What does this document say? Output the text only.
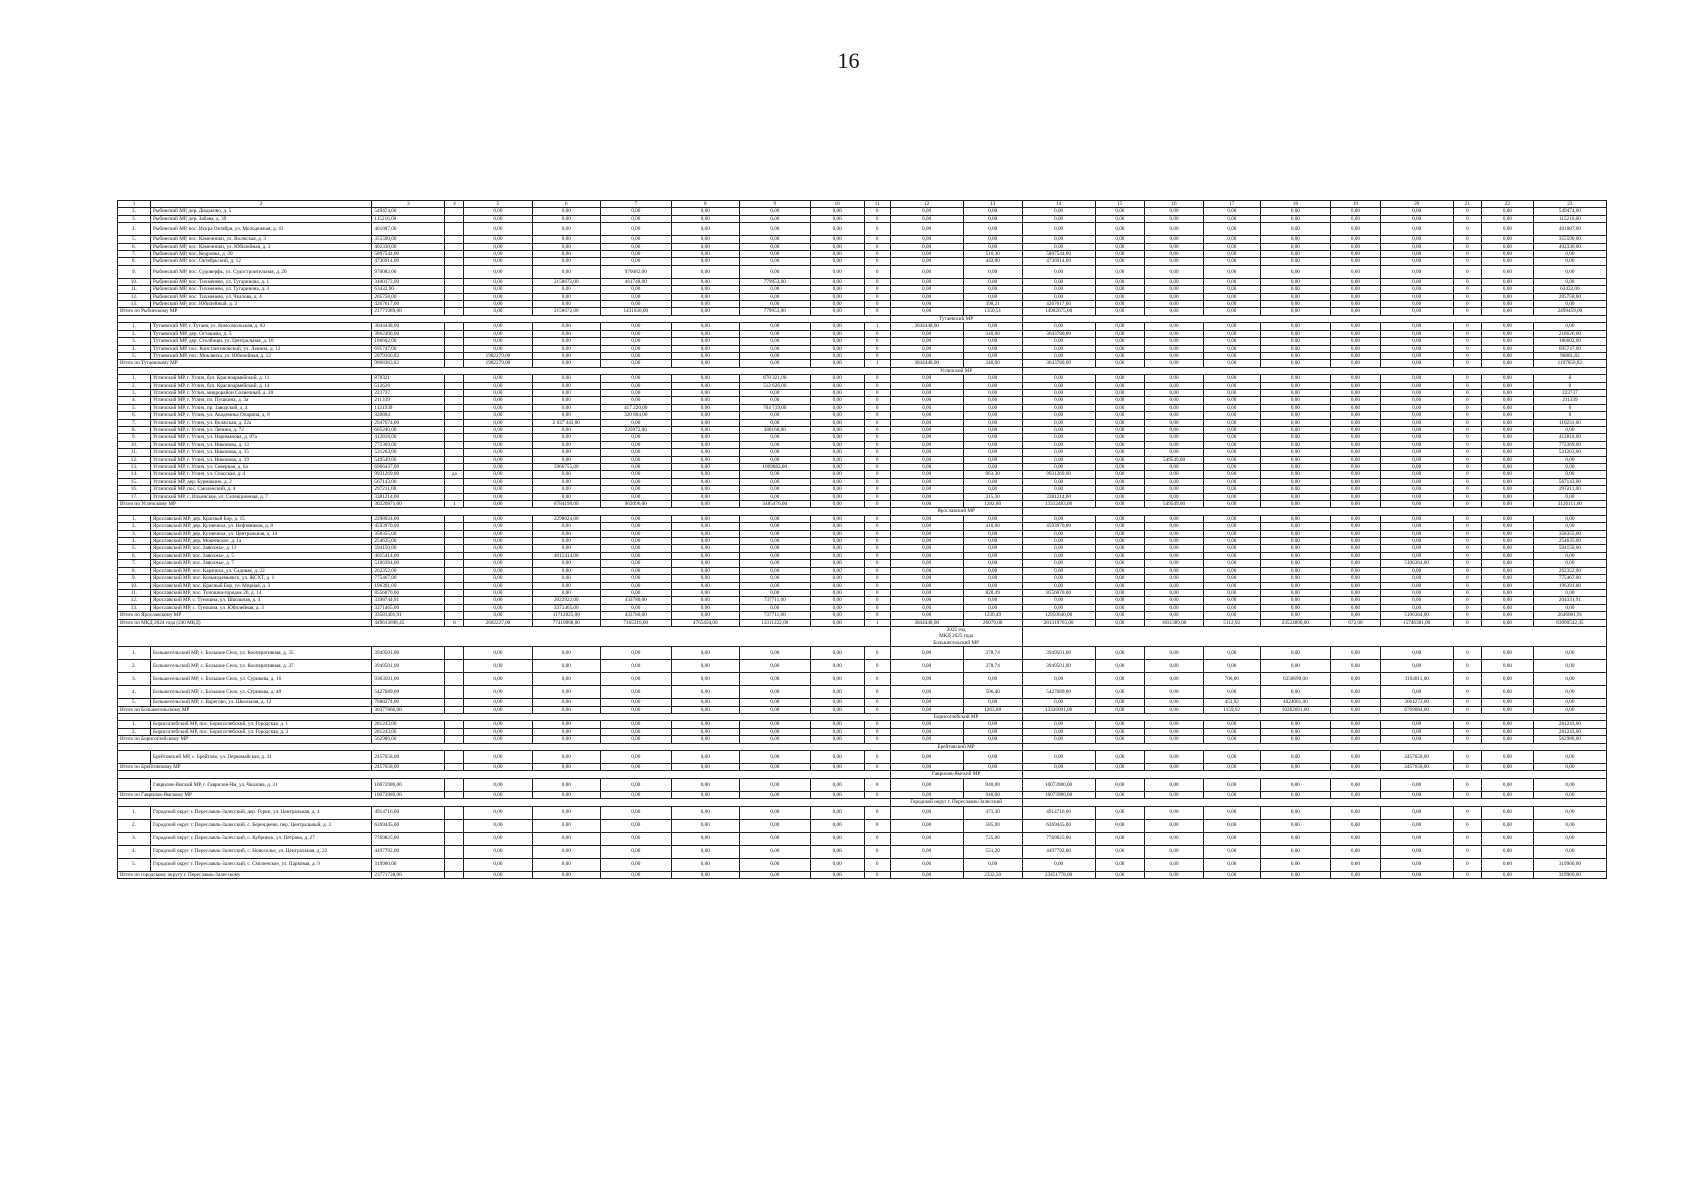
16
1	2	3	4	5	6	7	8	9	10	11	12	13	14	15	16	17	18	19	20	21	22	23
2.	Рыбинский МР, дер. Дюдьково, д. 5	549474,00		0,00	0,00	0,00	0,00	0,00	0,00	0	0,00	0,00	0,00	0,00	0,00	0,00	0,00	0,00	0,00	0	0,00	549474,00
3.	Рыбинский МР, дер. Забава, д. 39	115216,00		0,00	0,00	0,00	0,00	0,00	0,00	0	0,00	0,00	0,00	0,00	0,00	0,00	0,00	0,00	0,00	0	0,00	115216,00
4.	Рыбинский МР, пос. Искра Октября, ул. Молодежная, д. 41	401887,00		0,00	0,00	0,00	0,00	0,00	0,00	0	0,00	0,00	0,00	0,00	0,00	0,00	0,00	0,00	0,00	0	0,00	401887,00
5.	Рыбинский МР, пос. Каменники, ул. Волжская, д. 3	355590,00		0,00	0,00	0,00	0,00	0,00	0,00	0	0,00	0,00	0,00	0,00	0,00	0,00	0,00	0,00	0,00	0	0,00	355590,00
6.	Рыбинский МР, пос. Каменники, ул. Юбилейная, д. 3	402330,00		0,00	0,00	0,00	0,00	0,00	0,00	0	0,00	0,00	0,00	0,00	0,00	0,00	0,00	0,00	0,00	0	0,00	402330,00
7.	Рыбинский МР, пос. Кедровка, д. 20	5897544,00		0,00	0,00	0,00	0,00	0,00	0,00	0	0,00	510,30	5897544,00	0,00	0,00	0,00	0,00	0,00	0,00	0	0,00	0,00
8.	Рыбинский МР, пос. Октябрьский, д. 12	4736914,00		0,00	0,00	0,00	0,00	0,00	0,00	0	0,00	442,00	4736914,00	0,00	0,00	0,00	0,00	0,00	0,00	0	0,00	0,00
9.	Рыбинский МР, пос. Судоверфь, ул. Судостроительная, д. 20	970082,00		0,00	0,00	970082,00	0,00	0,00	0,00	0	0,00	0,00	0,00	0,00	0,00	0,00	0,00	0,00	0,00	0	0,00	0,00
10.	Рыбинский МР, пос. Тихменево, ул. Тугаринова, д. 1	3400373,00		0,00	2158672,00	461748,00	0,00	779953,00	0,00	0	0,00	0,00	0,00	0,00	0,00	0,00	0,00	0,00	0,00	0	0,00	0,00
11.	Рыбинский МР, пос. Тихменево, ул. Тугаринова, д. 3	63432,00		0,00	0,00	0,00	0,00	0,00	0,00	0	0,00	0,00	0,00	0,00	0,00	0,00	0,00	0,00	0,00	0	0,00	63432,00
12.	Рыбинский МР, пос. Тихменево, ул. Чкалова, д. 4	205758,00		0,00	0,00	0,00	0,00	0,00	0,00	0	0,00	0,00	0,00	0,00	0,00	0,00	0,00	0,00	0,00	0	0,00	205758,00
13.	Рыбинский МР, пос. Юбилейный, д. 3	4267617,00		0,00	0,00	0,00	0,00	0,00	0,00	0	0,00	398,21	4267617,00	0,00	0,00	0,00	0,00	0,00	0,00	0	0,00	0,00
Итого по Рыбинскому МР		21771989,00		0,00	2158672,00	1431830,00	0,00	779953,00	0,00	0	0,00	1350,51	14902075,00	0,00	0,00	0,00	0,00	0,00	0,00	0	0,00	2499459,00
											Тутаевский МР											
1.	Тутаевский МР, г. Тутаев, ул. Комсомольская, д. 83	3044448,00		0,00	0,00	0,00	0,00	0,00	0,00	1	3044448,00	0,00	0,00	0,00	0,00	0,00	0,00	0,00	0,00	0	0,00	0,00
2.	Тутаевский МР, дер. Осташево, д. 5	3862406,00		0,00	0,00	0,00	0,00	0,00	0,00	0	0,00	340,00	3643780,00	0,00	0,00	0,00	0,00	0,00	0,00	0	0,00	218626,00
3.	Тутаевский МР, дер. Столбищи, ул. Центральная, д. 10	186602,00		0,00	0,00	0,00	0,00	0,00	0,00	0	0,00	0,00	0,00	0,00	0,00	0,00	0,00	0,00	0,00	0	0,00	186602,00
4.	Тутаевский МР, пос. Константиновский, ул. Ленина, д. 12	695747,00		0,00	0,00	0,00	0,00	0,00	0,00	0	0,00	0,00	0,00	0,00	0,00	0,00	0,00	0,00	0,00	0	0,00	695747,00
5.	Тутаевский МР, пос. Микляиха, ул. Юбилейная, д. 12	2079160,82		1982279,00	0,00	0,00	0,00	0,00	0,00	0	0,00	0,00	0,00	0,00	0,00	0,00	0,00	0,00	0,00	0	0,00	96881,82
Итого по Тутаевскому МР		9868363,82		1982279,00	0,00	0,00	0,00	0,00	0,00	1	3044448,00	340,00	3643780,00	0,00	0,00	0,00	0,00	0,00	0,00	0	0,00	1197856,82
											Угличский МР											
1.	Угличский МР, г. Углич, бул. Красноармейский, д. 11	878321		0,00	0,00	0,00	0,00	878 321,00	0,00	0	0,00	0,00	0,00	0,00	0,00	0,00	0,00	0,00	0,00	0	0,00	0
2.	Угличский МР, г. Углич, бул. Красноармейский, д. 14	512626		0,00	0,00	0,00	0,00	512 626,00	0,00	0	0,00	0,00	0,00	0,00	0,00	0,00	0,00	0,00	0,00	0	0,00	0
3.	Угличский МР, г. Углич, микрорайон Солнечный, д. 20	223737		0,00	0,00	0,00	0,00	0,00	0,00	0	0,00	0,00	0,00	0,00	0,00	0,00	0,00	0,00	0,00	0	0,00	223737
4.	Угличский МР, г. Углич, пл. Пушкина, д. 3а	211339		0,00	0,00	0,00	0,00	0,00	0,00	0	0,00	0,00	0,00	0,00	0,00	0,00	0,00	0,00	0,00	0	0,00	211339
5.	Угличский МР, г. Углич, пр. Заводской, д. 4	1121939		0,00	0,00	417 220,00	0,00	704 719,00	0,00	0	0,00	0,00	0,00	0,00	0,00	0,00	0,00	0,00	0,00	0	0,00	0
6.	Угличский МР, г. Углич, ул. Академика Опарина, д. 8	320804		0,00	0,00	320 804,00	0,00	0,00	0,00	0	0,00	0,00	0,00	0,00	0,00	0,00	0,00	0,00	0,00	0	0,00	0
7.	Угличский МР, г. Углич, ул. Волжская, д. 22а	2947674,00		0,00	2 837 443,00	0,00	0,00	0,00	0,00	0	0,00	0,00	0,00	0,00	0,00	0,00	0,00	0,00	0,00	0	0,00	110231,00
8.	Угличский МР, г. Углич, ул. Ленина, д. 72	605240,00		0,00	0,00	225072,00	0,00	380168,00	0,00	0	0,00	0,00	0,00	0,00	0,00	0,00	0,00	0,00	0,00	0	0,00	0,00
9.	Угличский МР, г. Углич, ул. Нариманова, д. 87а	412818,00		0,00	0,00	0,00	0,00	0,00	0,00	0	0,00	0,00	0,00	0,00	0,00	0,00	0,00	0,00	0,00	0	0,00	412818,00
10.	Угличский МР, г. Углич, ул. Никонова, д. 13	772369,00		0,00	0,00	0,00	0,00	0,00	0,00	0	0,00	0,00	0,00	0,00	0,00	0,00	0,00	0,00	0,00	0	0,00	772369,00
11.	Угличский МР, г. Углич, ул. Никонова, д. 15	531263,00		0,00	0,00	0,00	0,00	0,00	0,00	0	0,00	0,00	0,00	0,00	0,00	0,00	0,00	0,00	0,00	0	0,00	531263,00
12.	Угличский МР, г. Углич, ул. Никонова, д. 19	549549,00		0,00	0,00	0,00	0,00	0,00	0,00	0	0,00	0,00	0,00	0,00	549549,00	0,00	0,00	0,00	0,00	0	0,00	0,00
13.	Угличский МР, г. Углич, ул. Северная, д. 6а	6966437,00		0,00	5966755,00	0,00	0,00	1009682,00	0,00	0	0,00	0,00	0,00	0,00	0,00	0,00	0,00	0,00	0,00	0	0,00	0,00
14.	Угличский МР, г. Углич, ул. Спасская, д. 4	9931269,00	да	0,00	0,00	0,00	0,00	0,00	0,00	0	0,00	963,30	9931269,00	0,00	0,00	0,00	0,00	0,00	0,00	0	0,00	0,00
15.	Угличский МР, дер. Бурмакино, д. 2	567143,00		0,00	0,00	0,00	0,00	0,00	0,00	0	0,00	0,00	0,00	0,00	0,00	0,00	0,00	0,00	0,00	0	0,00	567143,00
16.	Угличский МР, пос. Смоленский, д. 4	297211,00		0,00	0,00	0,00	0,00	0,00	0,00	0	0,00	0,00	0,00	0,00	0,00	0,00	0,00	0,00	0,00	0	0,00	297211,00
17.	Угличский МР, с. Ильинское, ул. Селекционная, д. 7	3381214,00		0,00	0,00	0,00	0,00	0,00	0,00	0	0,00	315,30	3381214,00	0,00	0,00	0,00	0,00	0,00	0,00	0	0,00	0,00
Итого по Угличскому МР		30220871,00	1	0,00	8784198,00	963096,00	0,00	3485476,00	0,00	0	0,00	1282,80	13312483,00	0,00	549549,00	0,00	0,00	0,00	0,00	0	0,00	3126111,00
											Ярославский МР											
1.	Ярославский МР, дер. Красный Бор, д. 15	2298024,00		0,00	2298024,00	0,00	0,00	0,00	0,00	0	0,00	0,00	0,00	0,00	0,00	0,00	0,00	0,00	0,00	0	0,00	0,00
2.	Ярославский МР, дер. Кузнечиха, ул. Нефтяников, д. 8	4593970,00		0,00	0,00	0,00	0,00	0,00	0,00	0	0,00	410,00	4593970,00	0,00	0,00	0,00	0,00	0,00	0,00	0	0,00	0,00
3.	Ярославский МР, дер. Кузнечиха, ул. Центральная, д. 14	358355,00		0,00	0,00	0,00	0,00	0,00	0,00	0	0,00	0,00	0,00	0,00	0,00	0,00	0,00	0,00	0,00	0	0,00	358355,00
4.	Ярославский МР, дер. Мокеевское, д. 1а	254635,00		0,00	0,00	0,00	0,00	0,00	0,00	0	0,00	0,00	0,00	0,00	0,00	0,00	0,00	0,00	0,00	0	0,00	254635,00
5.	Ярославский МР, пос. Заволжье, д. 11	594150,00		0,00	0,00	0,00	0,00	0,00	0,00	0	0,00	0,00	0,00	0,00	0,00	0,00	0,00	0,00	0,00	0	0,00	594150,00
6.	Ярославский МР, пос. Заволжье, д. 5	4015414,00		0,00	4015414,00	0,00	0,00	0,00	0,00	0	0,00	0,00	0,00	0,00	0,00	0,00	0,00	0,00	0,00	0	0,00	0,00
7.	Ярославский МР, пос. Заволжье, д. 7	5106364,00		0,00	0,00	0,00	0,00	0,00	0,00	0	0,00	0,00	0,00	0,00	0,00	0,00	0,00	0,00	5106364,00	0	0,00	0,00
8.	Ярославский МР, пос. Карачиха, ул. Садовая, д. 22	262352,00		0,00	0,00	0,00	0,00	0,00	0,00	0	0,00	0,00	0,00	0,00	0,00	0,00	0,00	0,00	0,00	0	0,00	262352,00
9.	Ярославский МР, пос. Козьмодемьянск, ул. ЖСХТ, д. 1	775467,00		0,00	0,00	0,00	0,00	0,00	0,00	0	0,00	0,00	0,00	0,00	0,00	0,00	0,00	0,00	0,00	0	0,00	775467,00
10.	Ярославский МР, пос. Красный Бор, ул. Мирная, д. 3	196391,00		0,00	0,00	0,00	0,00	0,00	0,00	0	0,00	0,00	0,00	0,00	0,00	0,00	0,00	0,00	0,00	0	0,00	196391,00
11.	Ярославский МР, пос. Туношна-городок 26, д. 14	8556070,00		0,00	0,00	0,00	0,00	0,00	0,00	0	0,00	820,49	8556070,00	0,00	0,00	0,00	0,00	0,00	0,00	0	0,00	0,00
12.	Ярославский МР, с. Туношна, ул. Школьная, д. 4	3398744,91		0,00	2022922,00	433780,00	0,00	737711,00	0,00	0	0,00	0,00	0,00	0,00	0,00	0,00	0,00	0,00	0,00	0	0,00	204331,91
13.	Ярославский МР, с. Туношна, ул. Юбилейная, д. 3	3371465,00		0,00	3371465,00	0,00	0,00	0,00	0,00	0	0,00	0,00	0,00	0,00	0,00	0,00	0,00	0,00	0,00	0	0,00	0,00
Итого по Ярославскому МР		33581401,91		0,00	11712825,00	433780,00	0,00	737711,00	0,00	0	0,00	1230,49	12950040,00	0,00	0,00	0,00	0,00	0,00	5106364,00	0	0,00	2646081,91
Итого по МКД 2024 года (240 МКД)		449613698,45	8	2602227,00	77410868,00	7165316,00	4765450,00	13311222,00	0,00	1	3044448,00	26079,00	281319765,00	0,00	1831389,00	5112,92	23524890,00	672,00	15746381,00	0	0,00	83090542,45
											2025 год											
											МКД 2025 года											
											Большесельский МР											
1.	Большесельский МР, с. Большое Село, ул. Кооперативная, д. 35	3949501,00		0,00	0,00	0,00	0,00	0,00	0,00	0	0,00	378,74	3949501,00	0,00	0,00	0,00	0,00	0,00	0,00	0	0,00	0,00
2.	Большесельский МР, с. Большое Село, ул. Кооперативная, д. 37	3949501,00		0,00	0,00	0,00	0,00	0,00	0,00	0	0,00	378,74	3949501,00	0,00	0,00	0,00	0,00	0,00	0,00	0	0,00	0,00
3.	Большесельский МР, с. Большое Село, ул. Сурикова, д. 16	9363501,00		0,00	0,00	0,00	0,00	0,00	0,00	0	0,00	0,00	0,00	0,00	0,00	706,00	6258690,00	0,00	3104811,00	0	0,00	0,00
4.	Большесельский МР, с. Большое Село, ул. Сурикова, д. 40	5427089,00		0,00	0,00	0,00	0,00	0,00	0,00	0	0,00	506,40	5427089,00	0,00	0,00	0,00	0,00	0,00	0,00	0	0,00	0,00
5.	Большесельский МР, с. Варегово, ул. Школьная, д. 12	7688274,00		0,00	0,00	0,00	0,00	0,00	0,00	0	0,00	0,00	0,00	0,00	0,00	453,92	4024001,00	0,00	3664273,00	0	0,00	0,00
Итого по Большесельскому МР		30377866,00		0,00	0,00	0,00	0,00	0,00	0,00	0	0,00	1263,88	13326091,00	0,00	0,00	1159,92	10282691,00	0,00	6769084,00	0	0,00	0,00
											Борисоглебский МР											
1.	Борисоглебский МР, пос. Борисоглебский, ул. Городская, д. 1	281243,00		0,00	0,00	0,00	0,00	0,00	0,00	0	0,00	0,00	0,00	0,00	0,00	0,00	0,00	0,00	0,00	0	0,00	281243,00
2.	Борисоглебский МР, пос. Борисоглебский, ул. Городская, д. 3	281243,00		0,00	0,00	0,00	0,00	0,00	0,00	0	0,00	0,00	0,00	0,00	0,00	0,00	0,00	0,00	0,00	0	0,00	281243,00
Итого по Борисоглебскому МР		562986,00		0,00	0,00	0,00	0,00	0,00	0,00	0	0,00	0,00	0,00	0,00	0,00	0,00	0,00	0,00	0,00	0	0,00	562986,00
											Брейтовский МР											
	Брейтовский МР, с. Брейтово, ул. Первомайская, д. 31	2457658,00		0,00	0,00	0,00	0,00	0,00	0,00	0	0,00	0,00	0,00	0,00	0,00	0,00	0,00	0,00	2457658,00	0	0,00	0,00
Итого по Брейтовскому МР		2457658,00		0,00	0,00	0,00	0,00	0,00	0,00	0	0,00	0,00	0,00	0,00	0,00	0,00	0,00	0,00	2457658,00	0	0,00	0,00
											Гаврилов-Ямский МР											
	Гаврилов-Ямский МР, г. Гаврилов-Ям, ул. Чкалова, д. 31	10073980,00		0,00	0,00	0,00	0,00	0,00	0,00	0	0,00	940,00	10073980,00	0,00	0,00	0,00	0,00	0,00	0,00	0	0,00	0,00
Итого по Гаврилов-Ямскому МР		10073980,00		0,00	0,00	0,00	0,00	0,00	0,00	0	0,00	940,00	10073980,00	0,00	0,00	0,00	0,00	0,00	0,00	0	0,00	0,00
											Городской округ г. Переславль-Залесский											
1.	Городской округ г. Переславль-Залесский, дер. Горки, ул. Центральная, д. 4	4914716,00		0,00	0,00	0,00	0,00	0,00	0,00	0	0,00	471,30	4914716,00	0,00	0,00	0,00	0,00	0,00	0,00	0	0,00	0,00
2.	Городской округ г. Переславль-Залесский, с. Берендеево, пер. Центральный, д. 3	6269445,00		0,00	0,00	0,00	0,00	0,00	0,00	0	0,00	585,00	6269445,00	0,00	0,00	0,00	0,00	0,00	0,00	0	0,00	0,00
3.	Городской округ г. Переславль-Залесский, с. Кубринск, ул. Петрова, д. 27	7769825,00		0,00	0,00	0,00	0,00	0,00	0,00	0	0,00	725,00	7769825,00	0,00	0,00	0,00	0,00	0,00	0,00	0	0,00	0,00
4.	Городской округ г. Переславль-Залесский, с. Новоселье, ул. Центральная, д. 22	4497792,00		0,00	0,00	0,00	0,00	0,00	0,00	0	0,00	551,20	4497792,00	0,00	0,00	0,00	0,00	0,00	0,00	0	0,00	0,00
5.	Городской округ г. Переславль-Залесский, с. Смоленское, ул. Парковая, д. 9	319960,00		0,00	0,00	0,00	0,00	0,00	0,00	0	0,00	0,00	0,00	0,00	0,00	0,00	0,00	0,00	0,00	0	0,00	319960,00
Итого по городскому округу г. Переславль-Залесскому		23771738,00		0,00	0,00	0,00	0,00	0,00	0,00	0	0,00	2332,50	23451778,00	0,00	0,00	0,00	0,00	0,00	0,00	0	0,00	319960,00
